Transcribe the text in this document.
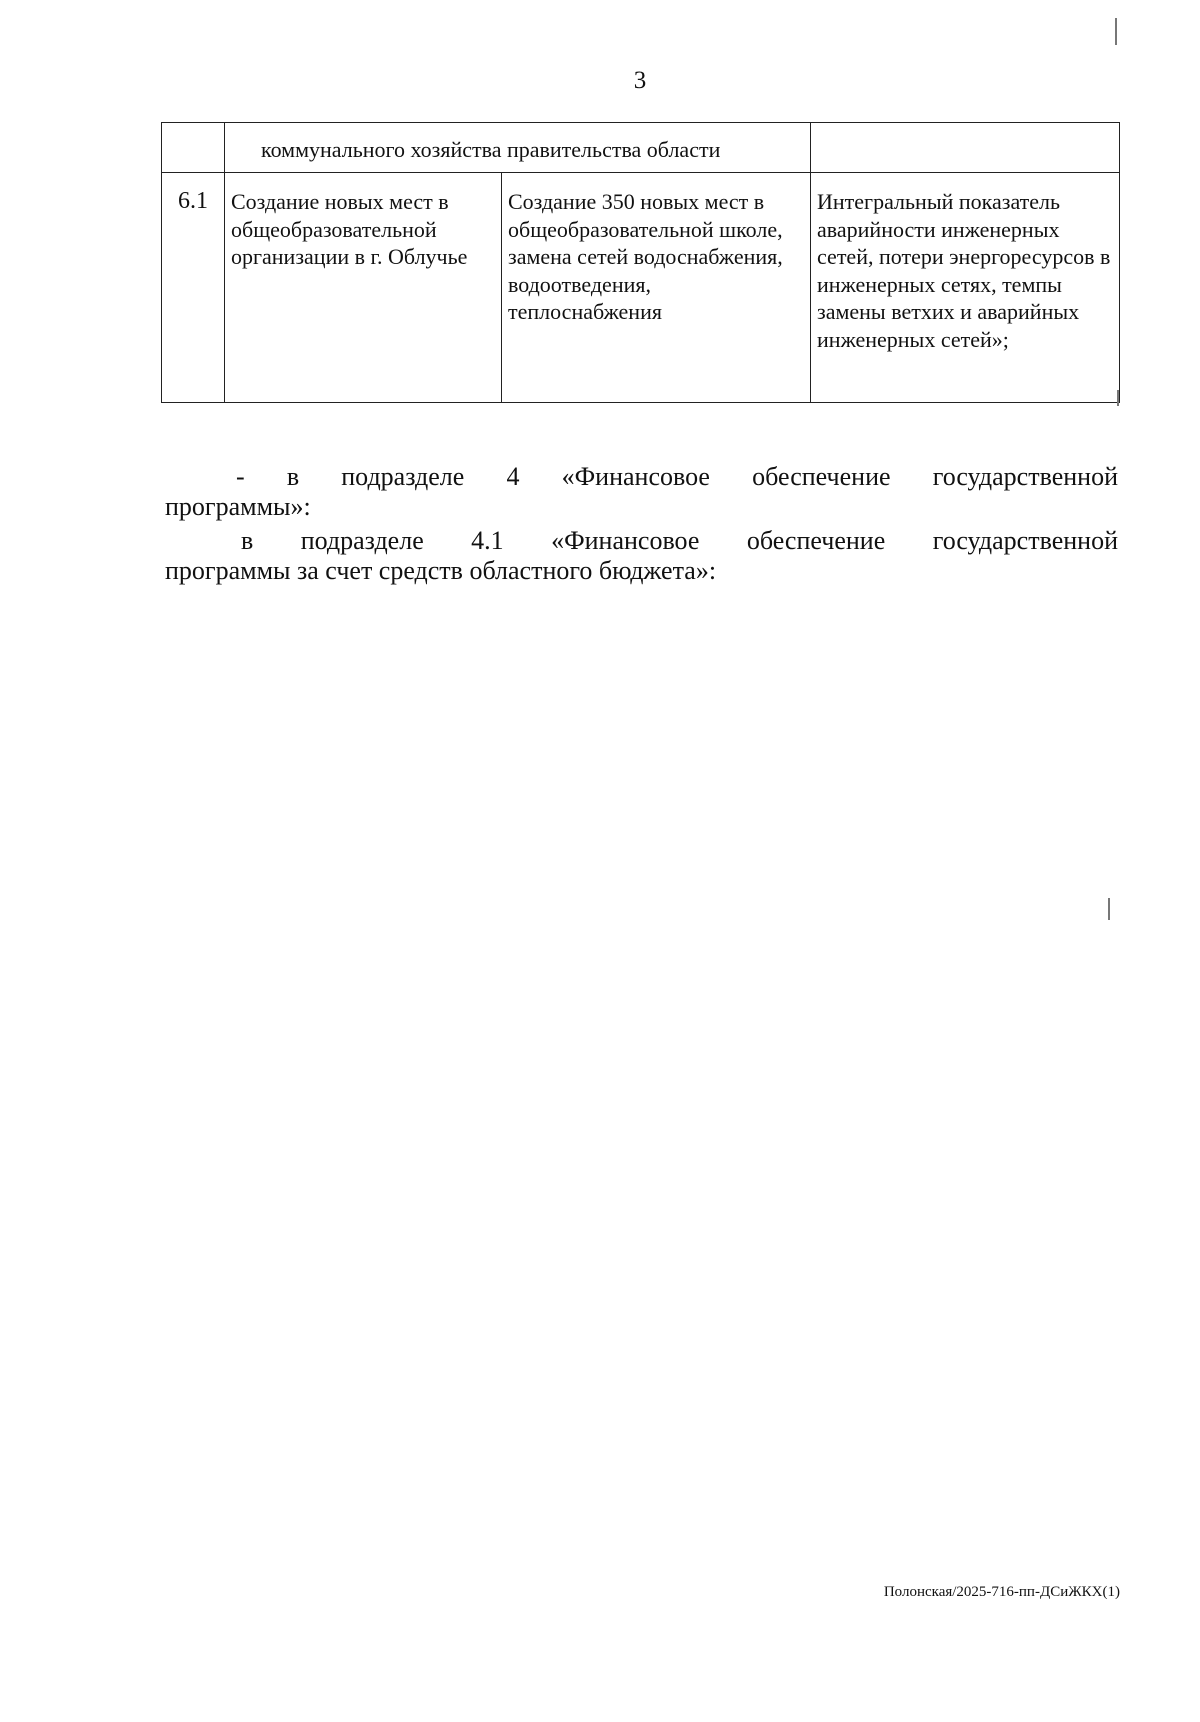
3

	коммунального хозяйства правительства области		

6.1	Создание новых мест в общеобразовательной организации в г. Облучье	Создание 350 новых мест в общеобразовательной школе, замена сетей водоснабжения, водоотведения, теплоснабжения	Интегральный показатель аварийности инженерных сетей, потери энергоресурсов в инженерных сетях, темпы замены ветхих и аварийных инженерных сетей»;
- в подразделе 4 «Финансовое обеспечение государственной
программы»:
в подразделе 4.1 «Финансовое обеспечение государственной
программы за счет средств областного бюджета»:
Полонская/2025-716-пп-ДСиЖКХ(1)
